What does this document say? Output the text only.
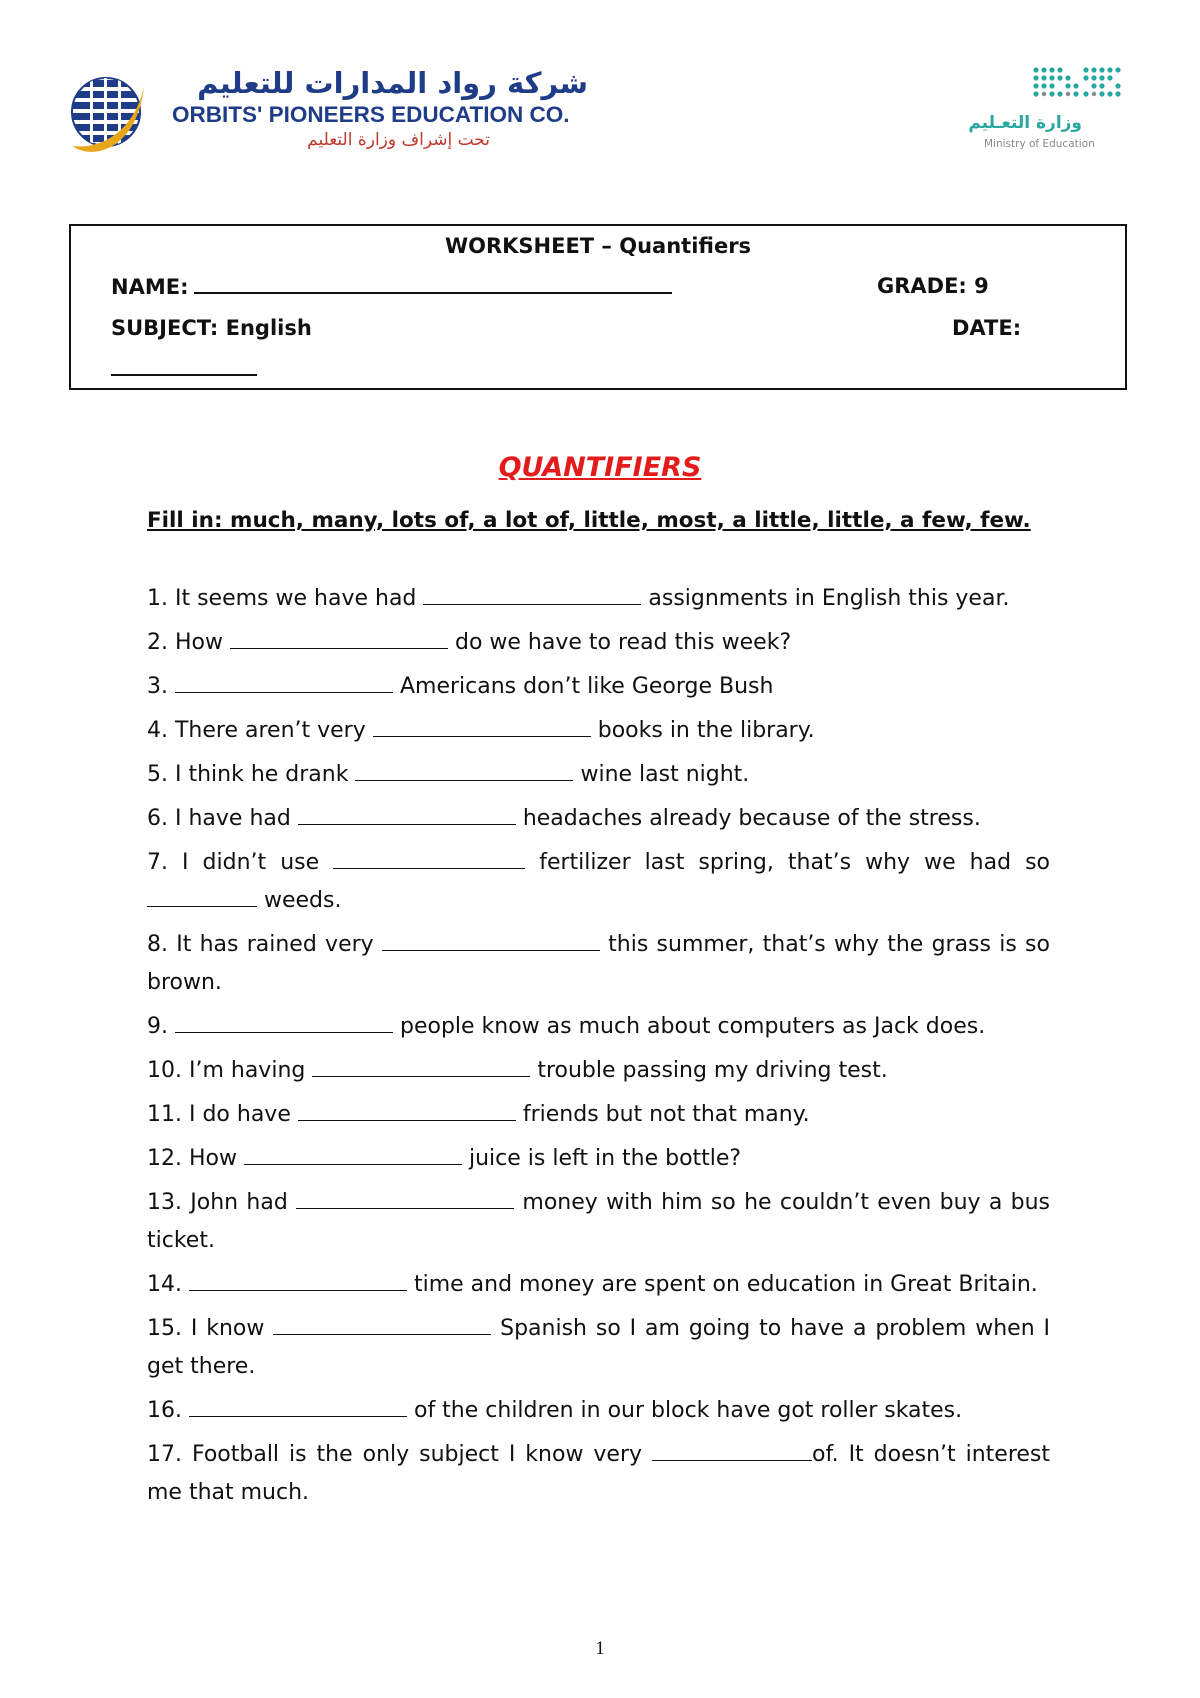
شركة رواد المدارات للتعليم
ORBITS' PIONEERS EDUCATION CO.
تحت إشراف وزارة التعليم
وزارة التعـليم
Ministry of Education
WORKSHEET – Quantifiers
NAME:	GRADE: 9
SUBJECT: English	DATE:
QUANTIFIERS
Fill in: much, many, lots of, a lot of, little, most, a little, little, a few, few.
1. It seems we have had	assignments in English this year.
2. How	do we have to read this week?
3.	Americans don’t like George Bush
4. There aren’t very	books in the library.
5. I think he drank	wine last night.
6. I have had	headaches already because of the stress.
7. I didn’t use	fertilizer last spring, that’s why we had so  weeds.
8. It has rained very	this summer, that’s why the grass is so brown.
9.	people know as much about computers as Jack does.
10. I’m having	trouble passing my driving test.
11. I do have	friends but not that many.
12. How	juice is left in the bottle?
13. John had	money with him so he couldn’t even buy a bus ticket.
14.	time and money are spent on education in Great Britain.
15. I know	Spanish so I am going to have a problem when I get there.
16.	of the children in our block have got roller skates.
17. Football is the only subject I know very	of. It doesn’t interest me that much.
1
